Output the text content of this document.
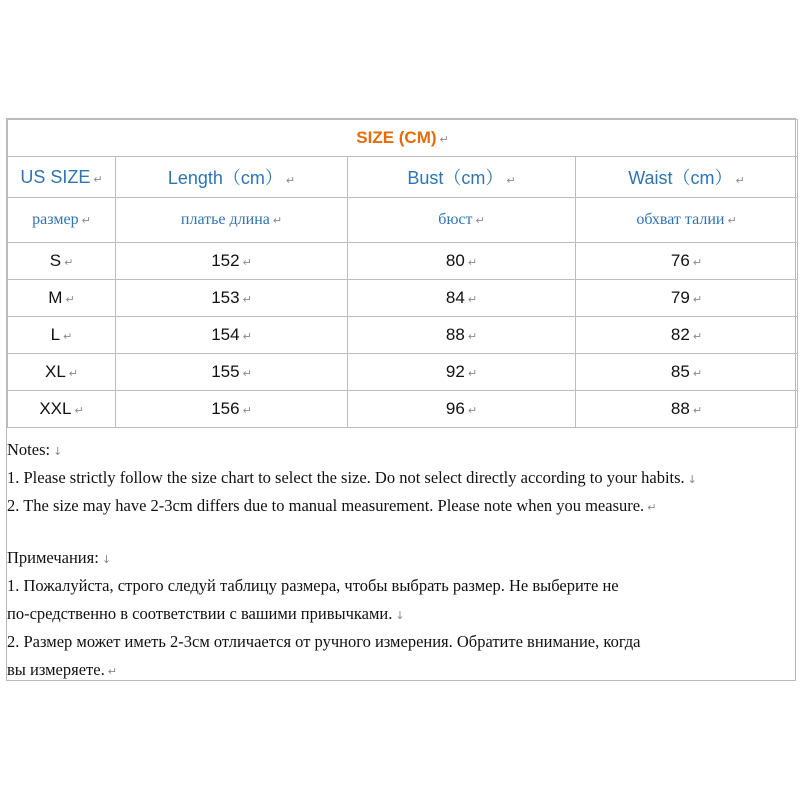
SIZE (CM) ↵			
US SIZE ↵	Length（cm） ↵	Bust（cm） ↵	Waist（cm） ↵
размер ↵	платье длина ↵	бюст ↵	обхват талии ↵
S ↵	152 ↵	80 ↵	76 ↵
M ↵	153 ↵	84 ↵	79 ↵
L ↵	154 ↵	88 ↵	82 ↵
XL ↵	155 ↵	92 ↵	85 ↵
XXL ↵	156 ↵	96 ↵	88 ↵
Notes: ↓
1. Please strictly follow the size chart to select the size. Do not select directly according to your habits. ↓
2. The size may have 2-3cm differs due to manual measurement. Please note when you measure. ↵
Примечания: ↓
1. Пожалуйста, строго следуй таблицу размера, чтобы выбрать размер. Не выберите не
по-средственно в соответствии с вашими привычками. ↓
2. Размер может иметь 2-3см отличается от ручного измерения. Обратите внимание, когда
вы измеряете. ↵
